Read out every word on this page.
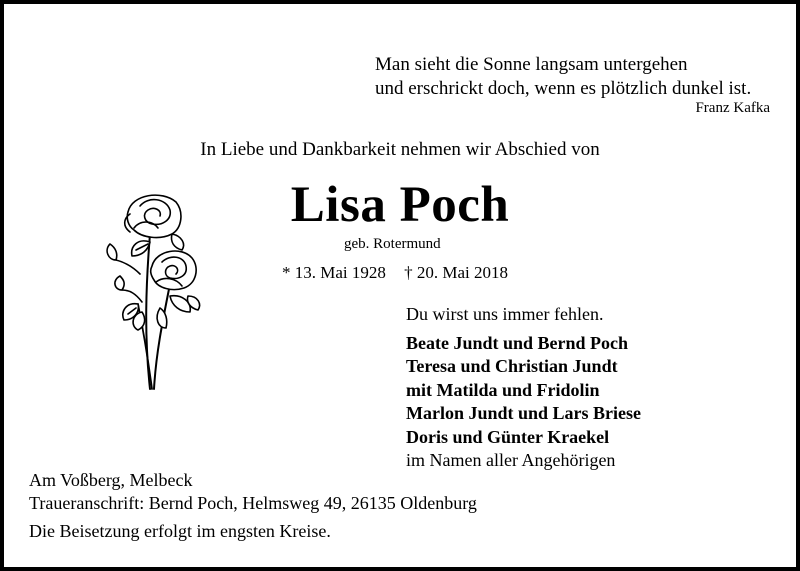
Man sieht die Sonne langsam untergehen
und erschrickt doch, wenn es plötzlich dunkel ist.
Franz Kafka
In Liebe und Dankbarkeit nehmen wir Abschied von
Lisa Poch
geb. Rotermund
* 13. Mai 1928 † 20. Mai 2018
Du wirst uns immer fehlen.
Beate Jundt und Bernd Poch
Teresa und Christian Jundt
mit Matilda und Fridolin
Marlon Jundt und Lars Briese
Doris und Günter Kraekel
im Namen aller Angehörigen
Am Voßberg, Melbeck
Traueranschrift: Bernd Poch, Helmsweg 49, 26135 Oldenburg
Die Beisetzung erfolgt im engsten Kreise.
